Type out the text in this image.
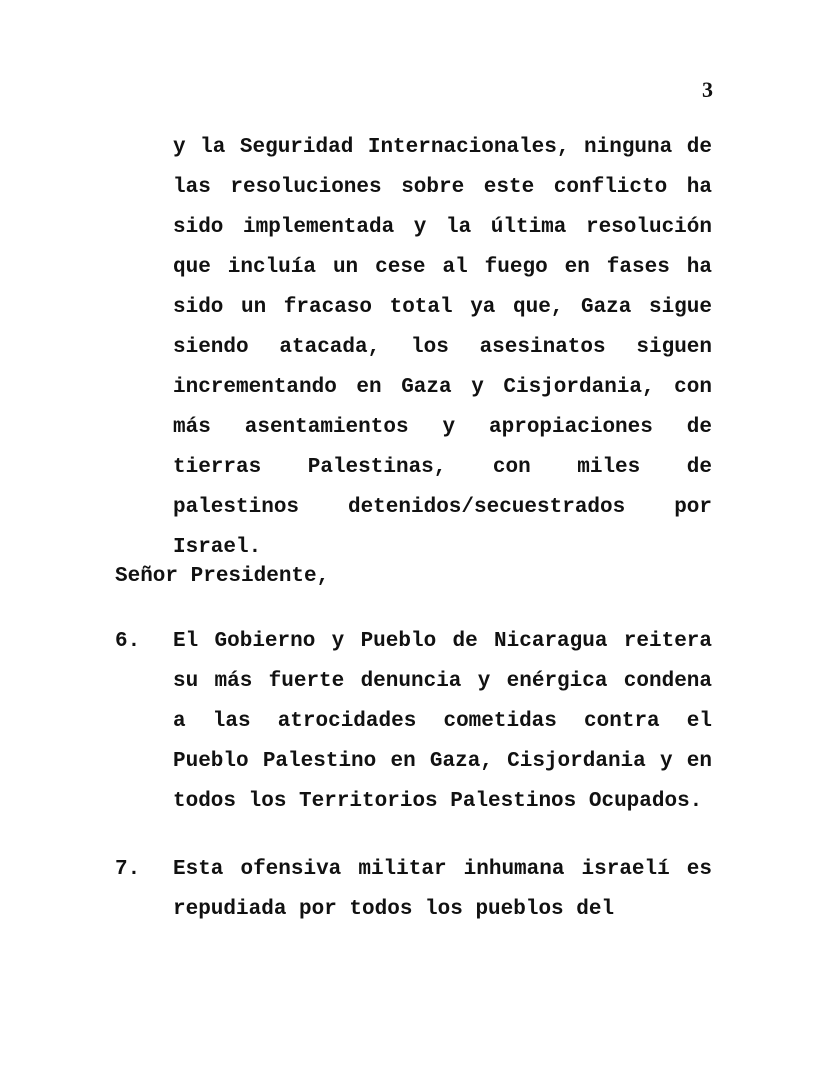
3

y la Seguridad Internacionales, ninguna de las resoluciones sobre este conflicto ha sido implementada y la última resolución que incluía un cese al fuego en fases ha sido un fracaso total ya que, Gaza sigue siendo atacada, los asesinatos siguen incrementando en Gaza y Cisjordania, con más asentamientos y apropiaciones de tierras Palestinas, con miles de palestinos detenidos/secuestrados por Israel.

Señor Presidente,
6. El Gobierno y Pueblo de Nicaragua reitera su más fuerte denuncia y enérgica condena a las atrocidades cometidas contra el Pueblo Palestino en Gaza, Cisjordania y en todos los Territorios Palestinos Ocupados.

7. Esta ofensiva militar inhumana israelí es repudiada por todos los pueblos del
